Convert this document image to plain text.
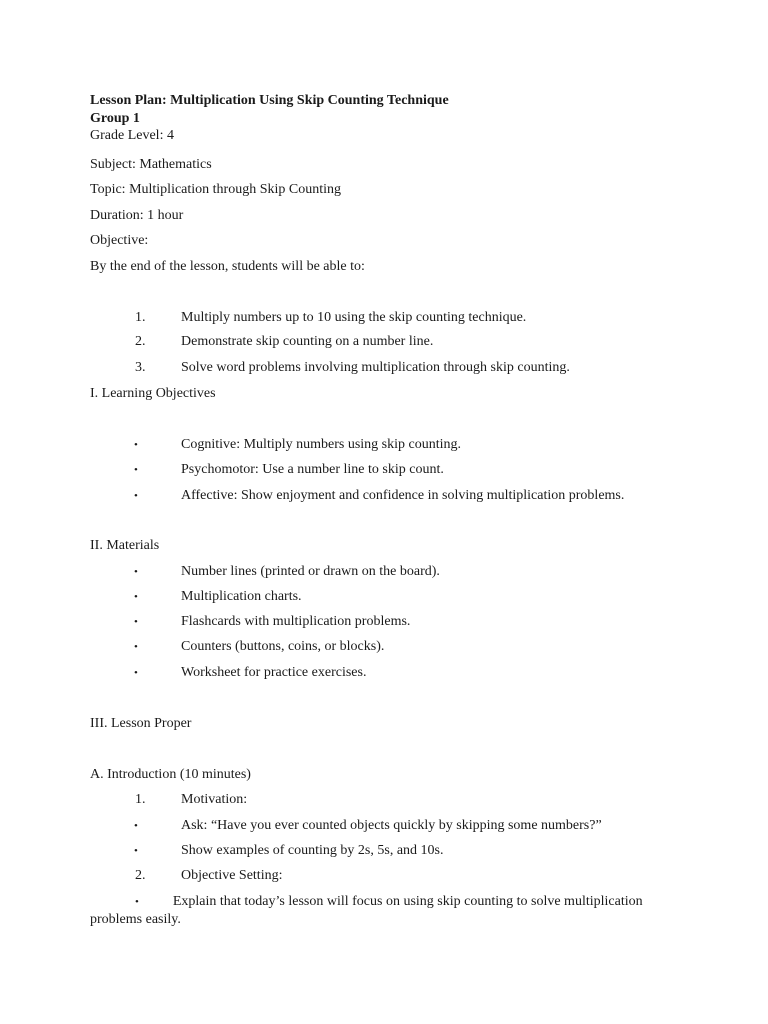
Lesson Plan: Multiplication Using Skip Counting Technique
Group 1
Grade Level: 4
Subject: Mathematics
Topic: Multiplication through Skip Counting
Duration: 1 hour
Objective:
By the end of the lesson, students will be able to:
1.	Multiply numbers up to 10 using the skip counting technique.
2.	Demonstrate skip counting on a number line.
3.	Solve word problems involving multiplication through skip counting.
I. Learning Objectives
•	Cognitive: Multiply numbers using skip counting.
•	Psychomotor: Use a number line to skip count.
•	Affective: Show enjoyment and confidence in solving multiplication problems.
II. Materials
•	Number lines (printed or drawn on the board).
•	Multiplication charts.
•	Flashcards with multiplication problems.
•	Counters (buttons, coins, or blocks).
•	Worksheet for practice exercises.
III. Lesson Proper
A. Introduction (10 minutes)
1.	Motivation:
•	Ask: “Have you ever counted objects quickly by skipping some numbers?”
•	Show examples of counting by 2s, 5s, and 10s.
2.	Objective Setting:
• Explain that today’s lesson will focus on using skip counting to solve multiplication problems easily.
